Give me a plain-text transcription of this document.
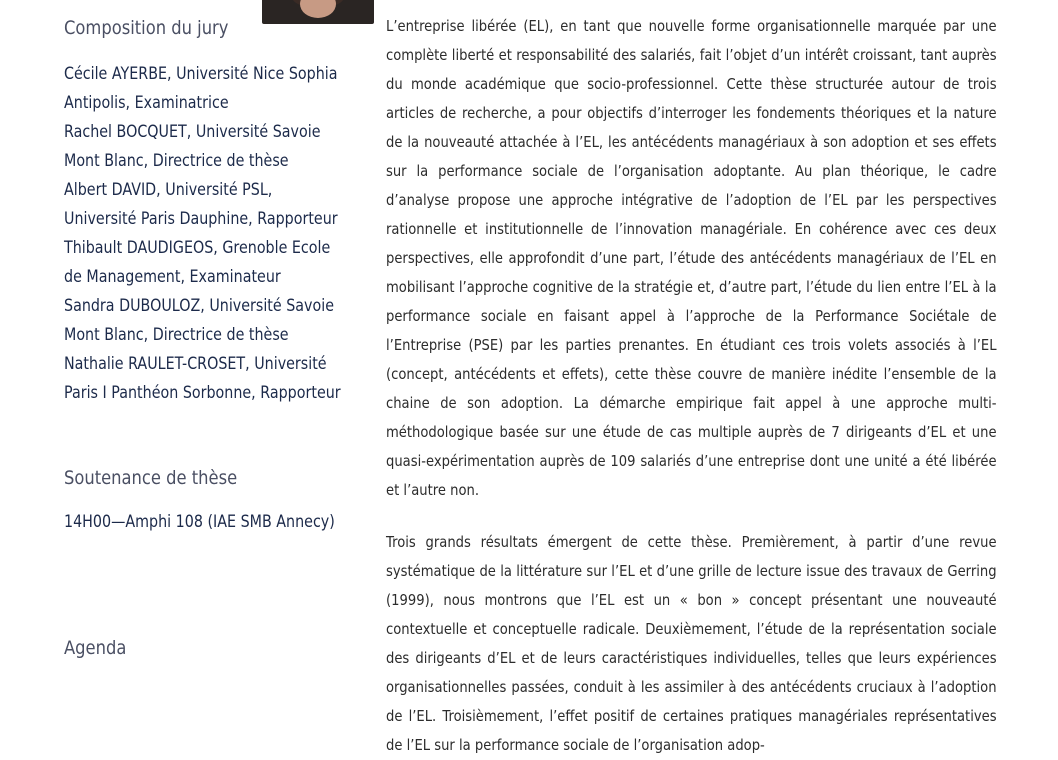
Composition du jury

Cécile AYERBE, Université Nice Sophia Antipolis, Examinatrice

Rachel BOCQUET, Université Savoie Mont Blanc, Directrice de thèse

Albert DAVID, Université PSL, Université Paris Dauphine, Rapporteur

Thibault DAUDIGEOS, Grenoble Ecole de Management, Examinateur

Sandra DUBOULOZ, Université Savoie Mont Blanc, Directrice de thèse

Nathalie RAULET-CROSET, Université Paris I Panthéon Sorbonne, Rapporteur

Soutenance de thèse
14H00—Amphi 108 (IAE SMB Annecy)
Agenda

L’entreprise libérée (EL), en tant que nouvelle forme organisationnelle marquée par une complète liberté et responsabilité des salariés, fait l’objet d’un intérêt croissant, tant auprès du monde académique que socio-professionnel. Cette thèse structurée autour de trois articles de recherche, a pour objectifs d’interroger les fondements théoriques et la nature de la nouveauté attachée à l’EL, les antécédents managériaux à son adoption et ses effets sur la performance sociale de l’organisation adoptante. Au plan théorique, le cadre d’analyse propose une approche intégrative de l’adoption de l’EL par les perspectives rationnelle et institutionnelle de l’innovation managériale. En cohérence avec ces deux perspectives, elle approfondit d’une part, l’étude des antécédents managériaux de l’EL en mobilisant l’approche cognitive de la stratégie et, d’autre part, l’étude du lien entre l’EL à la performance sociale en faisant appel à l’approche de la Performance Sociétale de l’Entreprise (PSE) par les parties prenantes. En étudiant ces trois volets associés à l’EL (concept, antécédents et effets), cette thèse couvre de manière inédite l’ensemble de la chaine de son adoption. La démarche empirique fait appel à une approche multi-méthodologique basée sur une étude de cas multiple auprès de 7 dirigeants d’EL et une quasi-expérimentation auprès de 109 salariés d’une entreprise dont une unité a été libérée et l’autre non.

Trois grands résultats émergent de cette thèse. Premièrement, à partir d’une revue systématique de la littérature sur l’EL et d’une grille de lecture issue des travaux de Gerring (1999), nous montrons que l’EL est un « bon » concept présentant une nouveauté contextuelle et conceptuelle radicale. Deuxièmement, l’étude de la représentation sociale des dirigeants d’EL et de leurs caractéristiques individuelles, telles que leurs expériences organisationnelles passées, conduit à les assimiler à des antécédents cruciaux à l’adoption de l’EL. Troisièmement, l’effet positif de certaines pratiques managériales représentatives de l’EL sur la performance sociale de l’organisation adop-
